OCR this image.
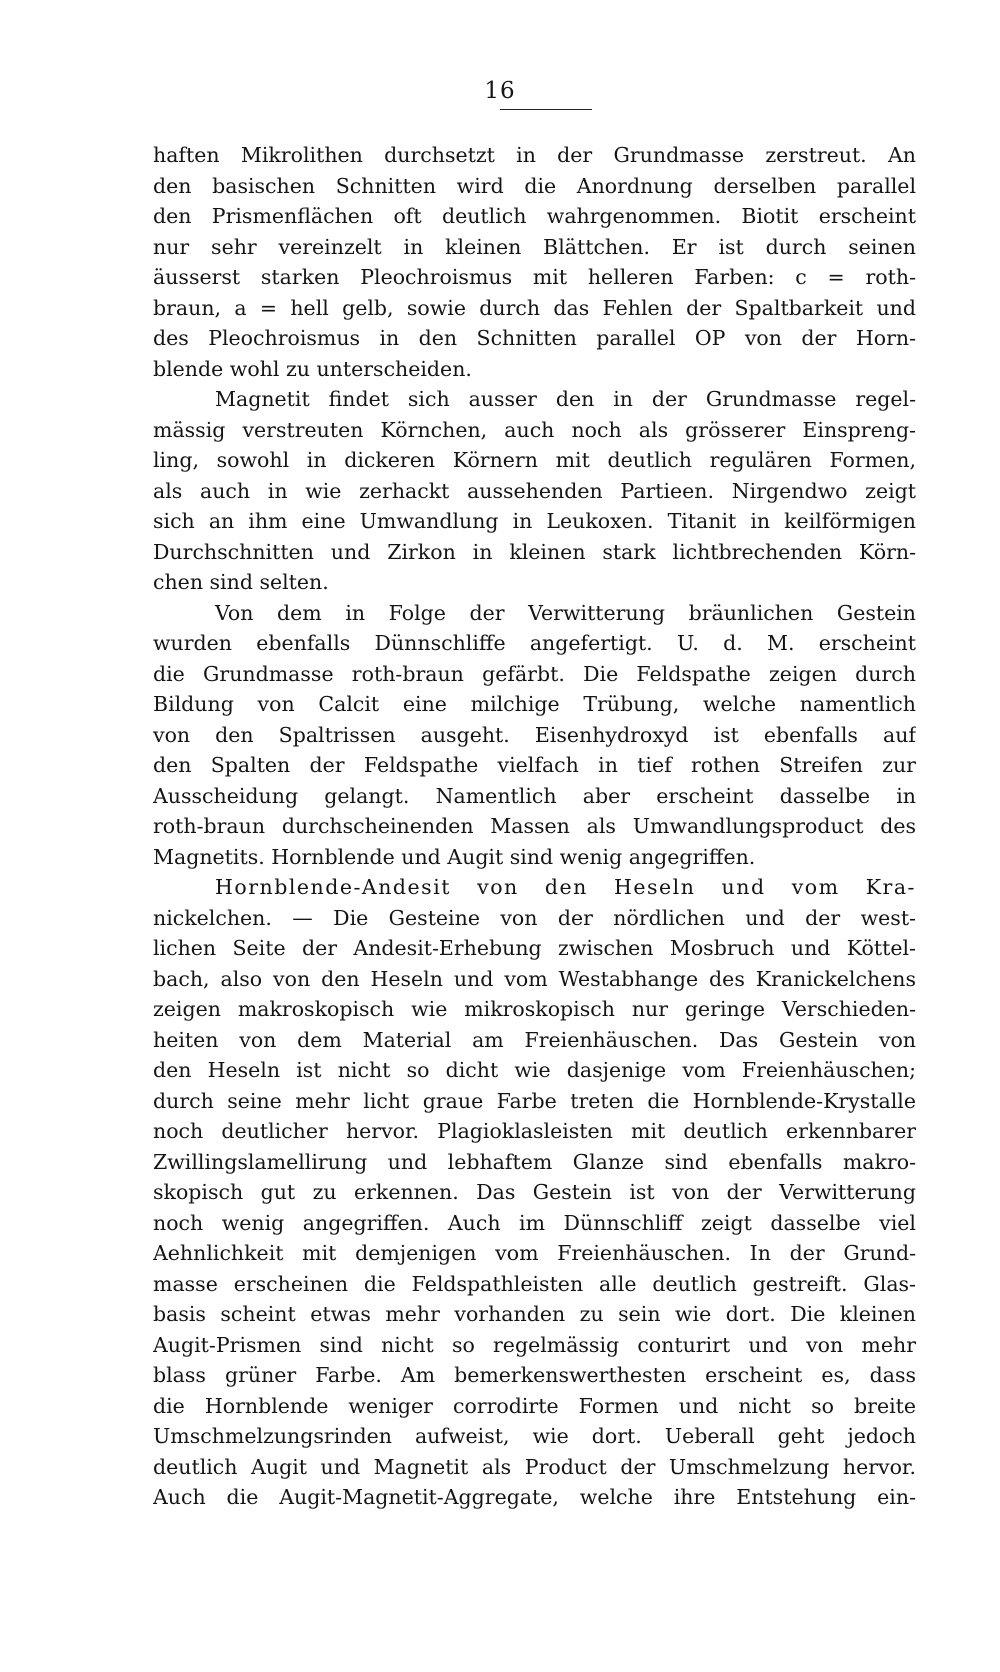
16
haften Mikrolithen durchsetzt in der Grundmasse zerstreut. An
den basischen Schnitten wird die Anordnung derselben parallel
den Prismenflächen oft deutlich wahrgenommen. Biotit erscheint
nur sehr vereinzelt in kleinen Blättchen. Er ist durch seinen
äusserst starken Pleochroismus mit helleren Farben: c = roth-
braun, a = hell gelb, sowie durch das Fehlen der Spaltbarkeit und
des Pleochroismus in den Schnitten parallel OP von der Horn-
blende wohl zu unterscheiden.
Magnetit findet sich ausser den in der Grundmasse regel-
mässig verstreuten Körnchen, auch noch als grösserer Einspreng-
ling, sowohl in dickeren Körnern mit deutlich regulären Formen,
als auch in wie zerhackt aussehenden Partieen. Nirgendwo zeigt
sich an ihm eine Umwandlung in Leukoxen. Titanit in keilförmigen
Durchschnitten und Zirkon in kleinen stark lichtbrechenden Körn-
chen sind selten.
Von dem in Folge der Verwitterung bräunlichen Gestein
wurden ebenfalls Dünnschliffe angefertigt. U. d. M. erscheint
die Grundmasse roth-braun gefärbt. Die Feldspathe zeigen durch
Bildung von Calcit eine milchige Trübung, welche namentlich
von den Spaltrissen ausgeht. Eisenhydroxyd ist ebenfalls auf
den Spalten der Feldspathe vielfach in tief rothen Streifen zur
Ausscheidung gelangt. Namentlich aber erscheint dasselbe in
roth-braun durchscheinenden Massen als Umwandlungsproduct des
Magnetits. Hornblende und Augit sind wenig angegriffen.
Hornblende-Andesit von den Heseln und vom Kra-
nickelchen. — Die Gesteine von der nördlichen und der west-
lichen Seite der Andesit-Erhebung zwischen Mosbruch und Köttel-
bach, also von den Heseln und vom Westabhange des Kranickelchens
zeigen makroskopisch wie mikroskopisch nur geringe Verschieden-
heiten von dem Material am Freienhäuschen. Das Gestein von
den Heseln ist nicht so dicht wie dasjenige vom Freienhäuschen;
durch seine mehr licht graue Farbe treten die Hornblende-Krystalle
noch deutlicher hervor. Plagioklasleisten mit deutlich erkennbarer
Zwillingslamellirung und lebhaftem Glanze sind ebenfalls makro-
skopisch gut zu erkennen. Das Gestein ist von der Verwitterung
noch wenig angegriffen. Auch im Dünnschliff zeigt dasselbe viel
Aehnlichkeit mit demjenigen vom Freienhäuschen. In der Grund-
masse erscheinen die Feldspathleisten alle deutlich gestreift. Glas-
basis scheint etwas mehr vorhanden zu sein wie dort. Die kleinen
Augit-Prismen sind nicht so regelmässig conturirt und von mehr
blass grüner Farbe. Am bemerkenswerthesten erscheint es, dass
die Hornblende weniger corrodirte Formen und nicht so breite
Umschmelzungsrinden aufweist, wie dort. Ueberall geht jedoch
deutlich Augit und Magnetit als Product der Umschmelzung hervor.
Auch die Augit-Magnetit-Aggregate, welche ihre Entstehung ein-
